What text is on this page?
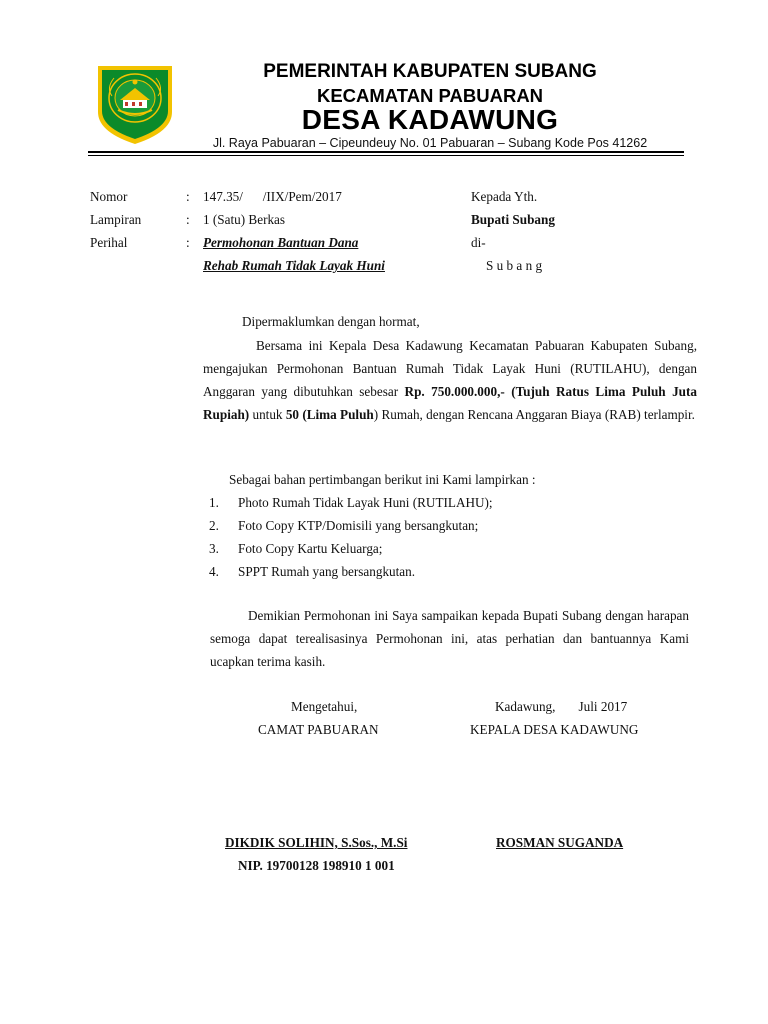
PEMERINTAH KABUPATEN SUBANG
KECAMATAN PABUARAN
DESA KADAWUNG
Jl. Raya Pabuaran – Cipeundeuy No. 01 Pabuaran – Subang Kode Pos 41262
Nomor	: 147.35/      /IIX/Pem/2017
Lampiran	: 1 (Satu) Berkas
Perihal	: Permohonan Bantuan Dana
Rehab Rumah Tidak Layak Huni
Kepada Yth.
Bupati Subang
di-
S u b a n g
Dipermaklumkan dengan hormat,
Bersama ini Kepala Desa Kadawung Kecamatan Pabuaran Kabupaten Subang, mengajukan Permohonan Bantuan Rumah Tidak Layak Huni (RUTILAHU), dengan Anggaran yang dibutuhkan sebesar Rp. 750.000.000,- (Tujuh Ratus Lima Puluh Juta Rupiah) untuk 50 (Lima Puluh) Rumah, dengan Rencana Anggaran Biaya (RAB) terlampir.
Sebagai bahan pertimbangan berikut ini Kami lampirkan :
1. Photo Rumah Tidak Layak Huni (RUTILAHU);
2. Foto Copy KTP/Domisili yang bersangkutan;
3. Foto Copy Kartu Keluarga;
4. SPPT Rumah yang bersangkutan.
Demikian Permohonan ini Saya sampaikan kepada Bupati Subang dengan harapan semoga dapat terealisasinya Permohonan ini, atas perhatian dan bantuannya Kami ucapkan terima kasih.
Mengetahui,
CAMAT PABUARAN
Kadawung,       Juli 2017
KEPALA DESA KADAWUNG
DIKDIK SOLIHIN, S.Sos., M.Si
NIP. 19700128 198910 1 001
ROSMAN SUGANDA
